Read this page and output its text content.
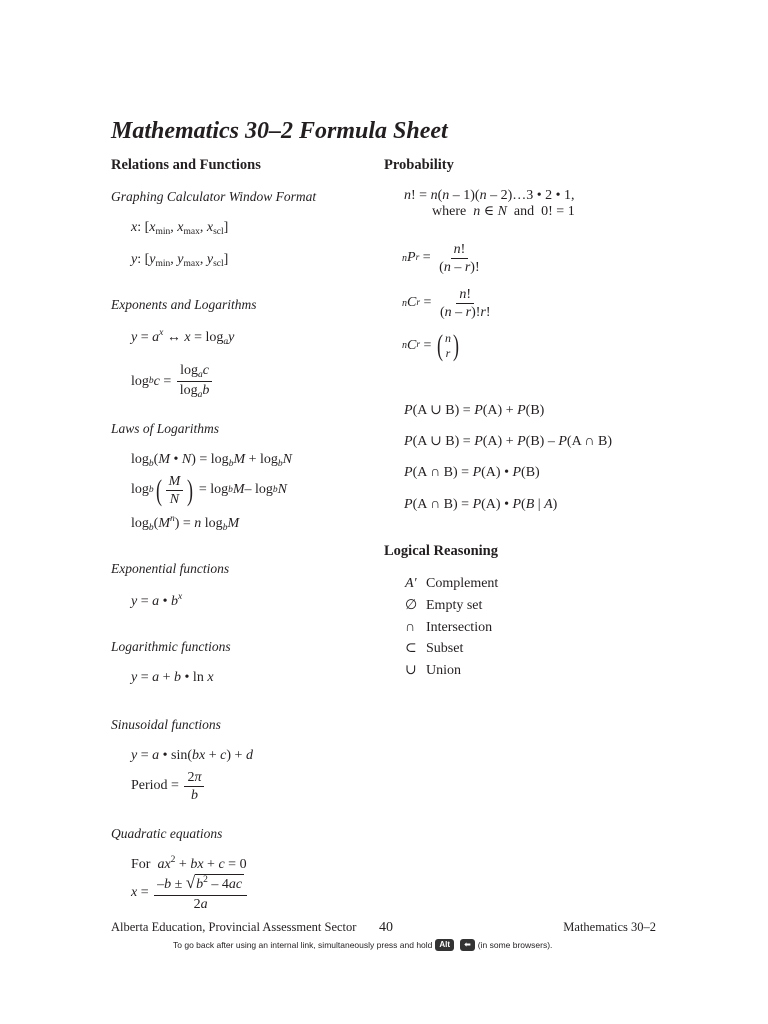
Mathematics 30–2 Formula Sheet
Relations and Functions
Graphing Calculator Window Format
x: [$x_{min}$, $x_{max}$, $x_{scl}$]
y: [$y_{min}$, $y_{max}$, $y_{scl}$]
Exponents and Logarithms
$y = a^x$ ↔ $x = \log_ay$
log b $c = \frac{\log_ac}{\log_ab}$
Laws of Logarithms
$\log_b(M$ • $N) = \log_bM + \log_bN$
log b ( $\frac{M}{N}$ ) = log b M – log b N
$\log_b(M^n) = n$ $\log_bM$
Exponential functions
y = a • $b^x$
Logarithmic functions
y = a + b • ln x
Sinusoidal functions
y = a • sin(bx + c) + d
Period =
$\frac{2\pi}{b}$
Quadratic equations
For $ax^2$ + bx + c = 0
$x = \frac{-b \pm √ b^2 - 4ac}{2a}$
Probability
n! = n(n – 1)(n – 2)…3 • 2 • 1,
where n ∈ N and  0! = 1
n P $r = \frac{n!}{(n - r)!}$
n C $r = \frac{n!}{(n - r)!r!}$
n C r = ( n
r )
P(A ∪ B) = P(A) + P(B)
P(A ∪ B) = P(A) + P(B) – P(A ∩ B)
P(A ∩ B) = P(A) • P(B)
P(A ∩ B) = P(A) • P(B | A)
Logical Reasoning
A′ Complement
∅ Empty set
∩ Intersection
⊂ Subset
∪ Union
Alberta Education, Provincial Assessment Sector 40	Mathematics 30–2
To go back after using an internal link, simultaneously press and hold Alt	⬅ (in some browsers).
